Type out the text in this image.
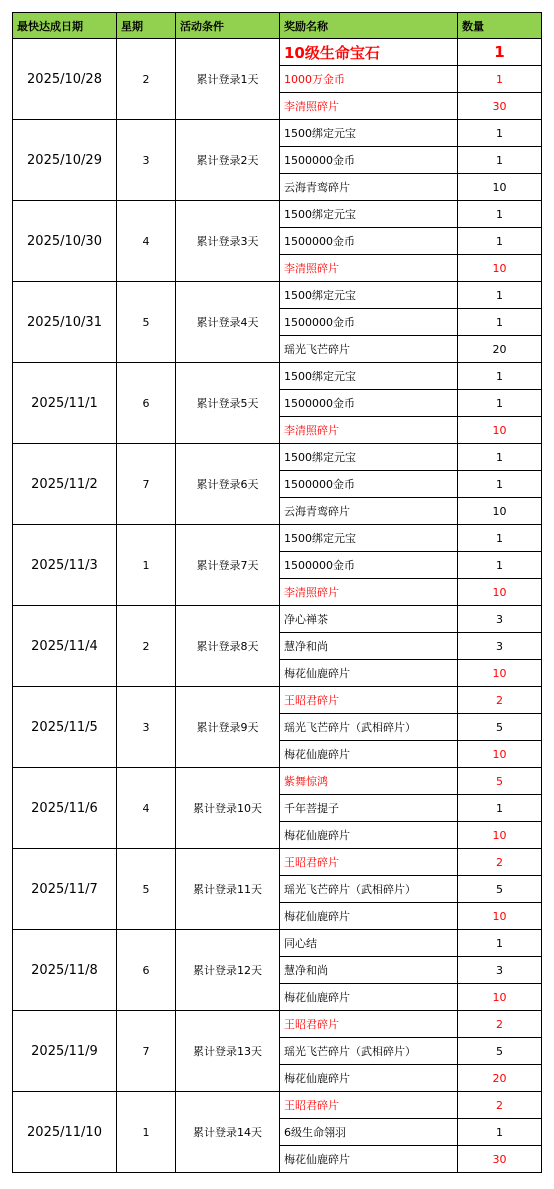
最快达成日期	星期	活动条件	奖励名称	数量
2025/10/28	2	累计登录1天	10级生命宝石	1
			1000万金币	1
			李清照碎片	30
2025/10/29	3	累计登录2天	1500绑定元宝	1
			1500000金币	1
			云海青鸾碎片	10
2025/10/30	4	累计登录3天	1500绑定元宝	1
			1500000金币	1
			李清照碎片	10
2025/10/31	5	累计登录4天	1500绑定元宝	1
			1500000金币	1
			瑶光飞芒碎片	20
2025/11/1	6	累计登录5天	1500绑定元宝	1
			1500000金币	1
			李清照碎片	10
2025/11/2	7	累计登录6天	1500绑定元宝	1
			1500000金币	1
			云海青鸾碎片	10
2025/11/3	1	累计登录7天	1500绑定元宝	1
			1500000金币	1
			李清照碎片	10
2025/11/4	2	累计登录8天	净心禅茶	3
			慧净和尚	3
			梅花仙鹿碎片	10
2025/11/5	3	累计登录9天	王昭君碎片	2
			瑶光飞芒碎片（武相碎片）	5
			梅花仙鹿碎片	10
2025/11/6	4	累计登录10天	紫舞惊鸿	5
			千年菩提子	1
			梅花仙鹿碎片	10
2025/11/7	5	累计登录11天	王昭君碎片	2
			瑶光飞芒碎片（武相碎片）	5
			梅花仙鹿碎片	10
2025/11/8	6	累计登录12天	同心结	1
			慧净和尚	3
			梅花仙鹿碎片	10
2025/11/9	7	累计登录13天	王昭君碎片	2
			瑶光飞芒碎片（武相碎片）	5
			梅花仙鹿碎片	20
2025/11/10	1	累计登录14天	王昭君碎片	2
			6级生命翎羽	1
			梅花仙鹿碎片	30
